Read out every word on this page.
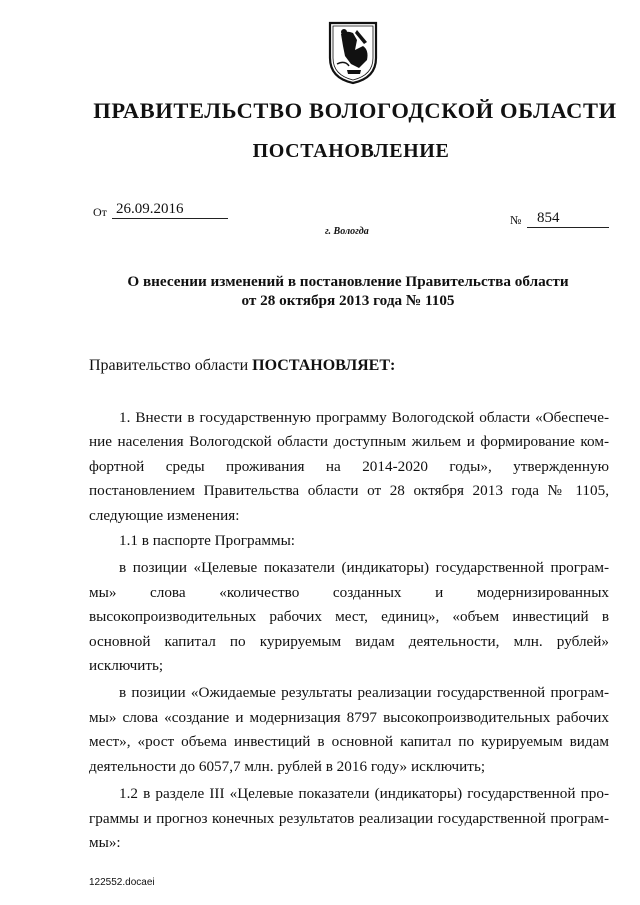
ПРАВИТЕЛЬСТВО ВОЛОГОДСКОЙ ОБЛАСТИ
ПОСТАНОВЛЕНИЕ
От 26.09.2016
№	854
г. Вологда
О внесении изменений в постановление Правительства области
от 28 октября 2013 года № 1105
Правительство области ПОСТАНОВЛЯЕТ:

1. Внести в государственную программу Вологодской области «Обеспечение населения Вологодской области доступным жильем и формирование комфортной среды проживания на 2014-2020 годы», утвержденную постановлением Правительства области от 28 октября 2013 года № 1105, следующие изменения:

1.1 в паспорте Программы:

в позиции «Целевые показатели (индикаторы) государственной программы» слова «количество созданных и модернизированных высокопроизводительных рабочих мест, единиц», «объем инвестиций в основной капитал по курируемым видам деятельности, млн. рублей» исключить;

в позиции «Ожидаемые результаты реализации государственной программы» слова «создание и модернизация 8797 высокопроизводительных рабочих мест», «рост объема инвестиций в основной капитал по курируемым видам деятельности до 6057,7 млн. рублей в 2016 году» исключить;

1.2 в разделе III «Целевые показатели (индикаторы) государственной программы и прогноз конечных результатов реализации государственной программы»:

122552.docaei
